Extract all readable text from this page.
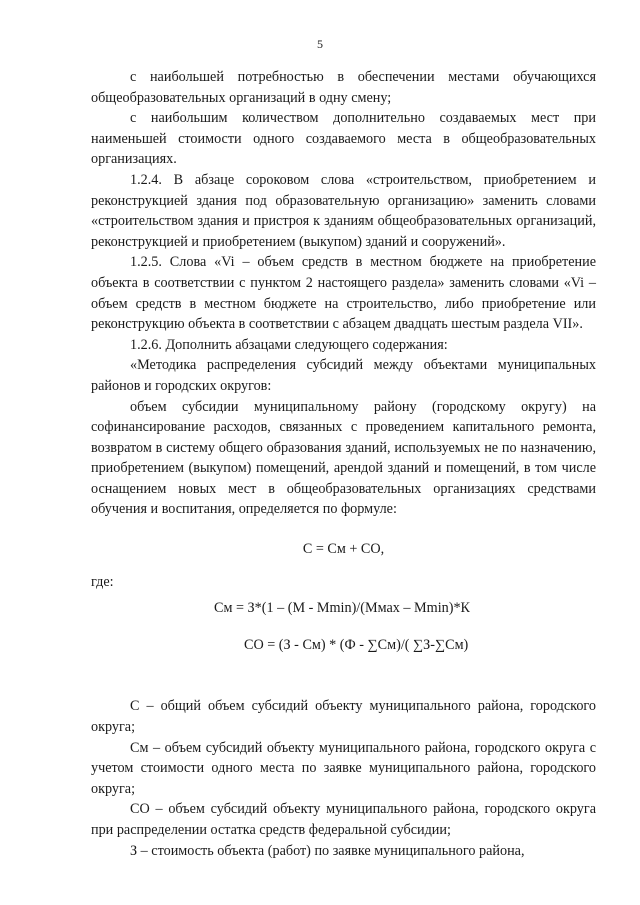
5

с наибольшей потребностью в обеспечении местами обучающихся общеобразовательных организаций в одну смену;

с наибольшим количеством дополнительно создаваемых мест при наименьшей стоимости одного создаваемого места в общеобразовательных организациях.

1.2.4. В абзаце сороковом слова «строительством, приобретением и реконструкцией здания под образовательную организацию» заменить словами «строительством здания и пристроя к зданиям общеобразовательных организаций, реконструкцией и приобретением (выкупом) зданий и сооружений».

1.2.5. Слова «Vi – объем средств в местном бюджете на приобретение объекта в соответствии с пунктом 2 настоящего раздела» заменить словами «Vi – объем средств в местном бюджете на строительство, либо приобретение или реконструкцию объекта в соответствии с абзацем двадцать шестым раздела VII».

1.2.6. Дополнить абзацами следующего содержания:

«Методика распределения субсидий между объектами муниципальных районов и городских округов:

объем субсидии муниципальному району (городскому округу) на софинансирование расходов, связанных с проведением капитального ремонта, возвратом в систему общего образования зданий, используемых не по назначению, приобретением (выкупом) помещений, арендой зданий и помещений, в том числе оснащением новых мест в общеобразовательных организациях средствами обучения и воспитания, определяется по формуле:

С = См + СО,
где:
См = З*(1 – (М - Мmin)/(Ммах – Мmin)*К
СО = (З - См) * (Ф - ∑См)/( ∑З-∑См)

С – общий объем субсидий объекту муниципального района, городского округа;

См – объем субсидий объекту муниципального района, городского округа с учетом стоимости одного места по заявке муниципального района, городского округа;

СО – объем субсидий объекту муниципального района, городского округа при распределении остатка средств федеральной субсидии;

З – стоимость объекта (работ) по заявке муниципального района,
